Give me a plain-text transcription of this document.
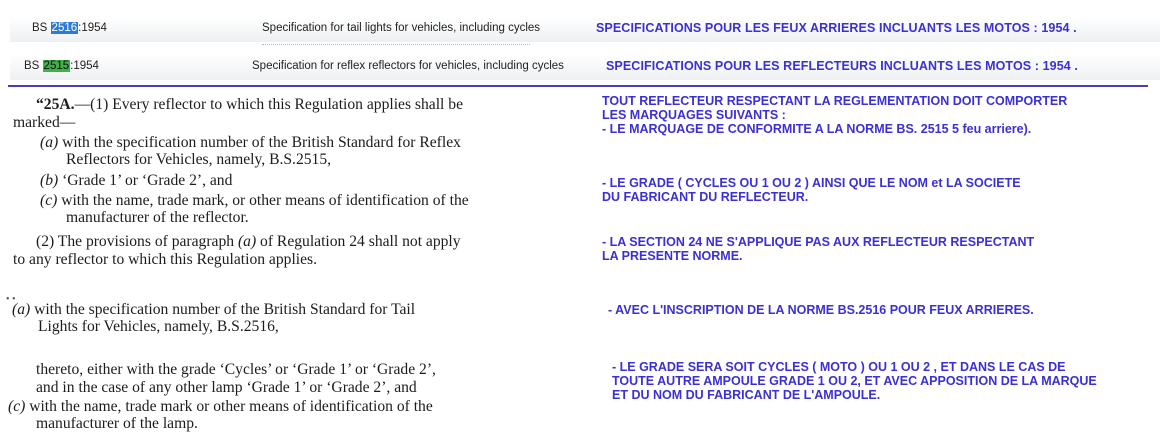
BS 2516:1954	Specification for tail lights for vehicles, including cycles	SPECIFICATIONS POUR LES FEUX ARRIERES INCLUANTS LES MOTOS : 1954 .
BS 2515:1954	Specification for reflex reflectors for vehicles, including cycles	SPECIFICATIONS POUR LES REFLECTEURS INCLUANTS LES MOTOS : 1954 .
“25A.—(1) Every reflector to which this Regulation applies shall be
marked—
(a) with the specification number of the British Standard for Reflex
Reflectors for Vehicles, namely, B.S.2515,
(b) ‘Grade 1’ or ‘Grade 2’, and
(c) with the name, trade mark, or other means of identification of the
manufacturer of the reflector.
(2) The provisions of paragraph (a) of Regulation 24 shall not apply
to any reflector to which this Regulation applies.
• •
(a) with the specification number of the British Standard for Tail
Lights for Vehicles, namely, B.S.2516,
thereto, either with the grade ‘Cycles’ or ‘Grade 1’ or ‘Grade 2’,
and in the case of any other lamp ‘Grade 1’ or ‘Grade 2’, and
(c) with the name, trade mark or other means of identification of the
manufacturer of the lamp.
TOUT REFLECTEUR RESPECTANT LA REGLEMENTATION DOIT COMPORTER
LES MARQUAGES SUIVANTS :
- LE MARQUAGE DE CONFORMITE A LA NORME BS. 2515 5 feu arriere).
- LE GRADE ( CYCLES OU 1 OU 2 ) AINSI QUE LE NOM et LA SOCIETE
DU FABRICANT DU REFLECTEUR.
- LA SECTION 24 NE S'APPLIQUE PAS AUX REFLECTEUR RESPECTANT
LA PRESENTE NORME.
- AVEC L'INSCRIPTION DE LA NORME BS.2516 POUR FEUX ARRIERES.
- LE GRADE SERA SOIT CYCLES ( MOTO ) OU 1 OU 2 , ET DANS LE CAS DE
TOUTE AUTRE AMPOULE GRADE 1 OU 2, ET AVEC APPOSITION DE LA MARQUE
ET DU NOM DU FABRICANT DE L'AMPOULE.
